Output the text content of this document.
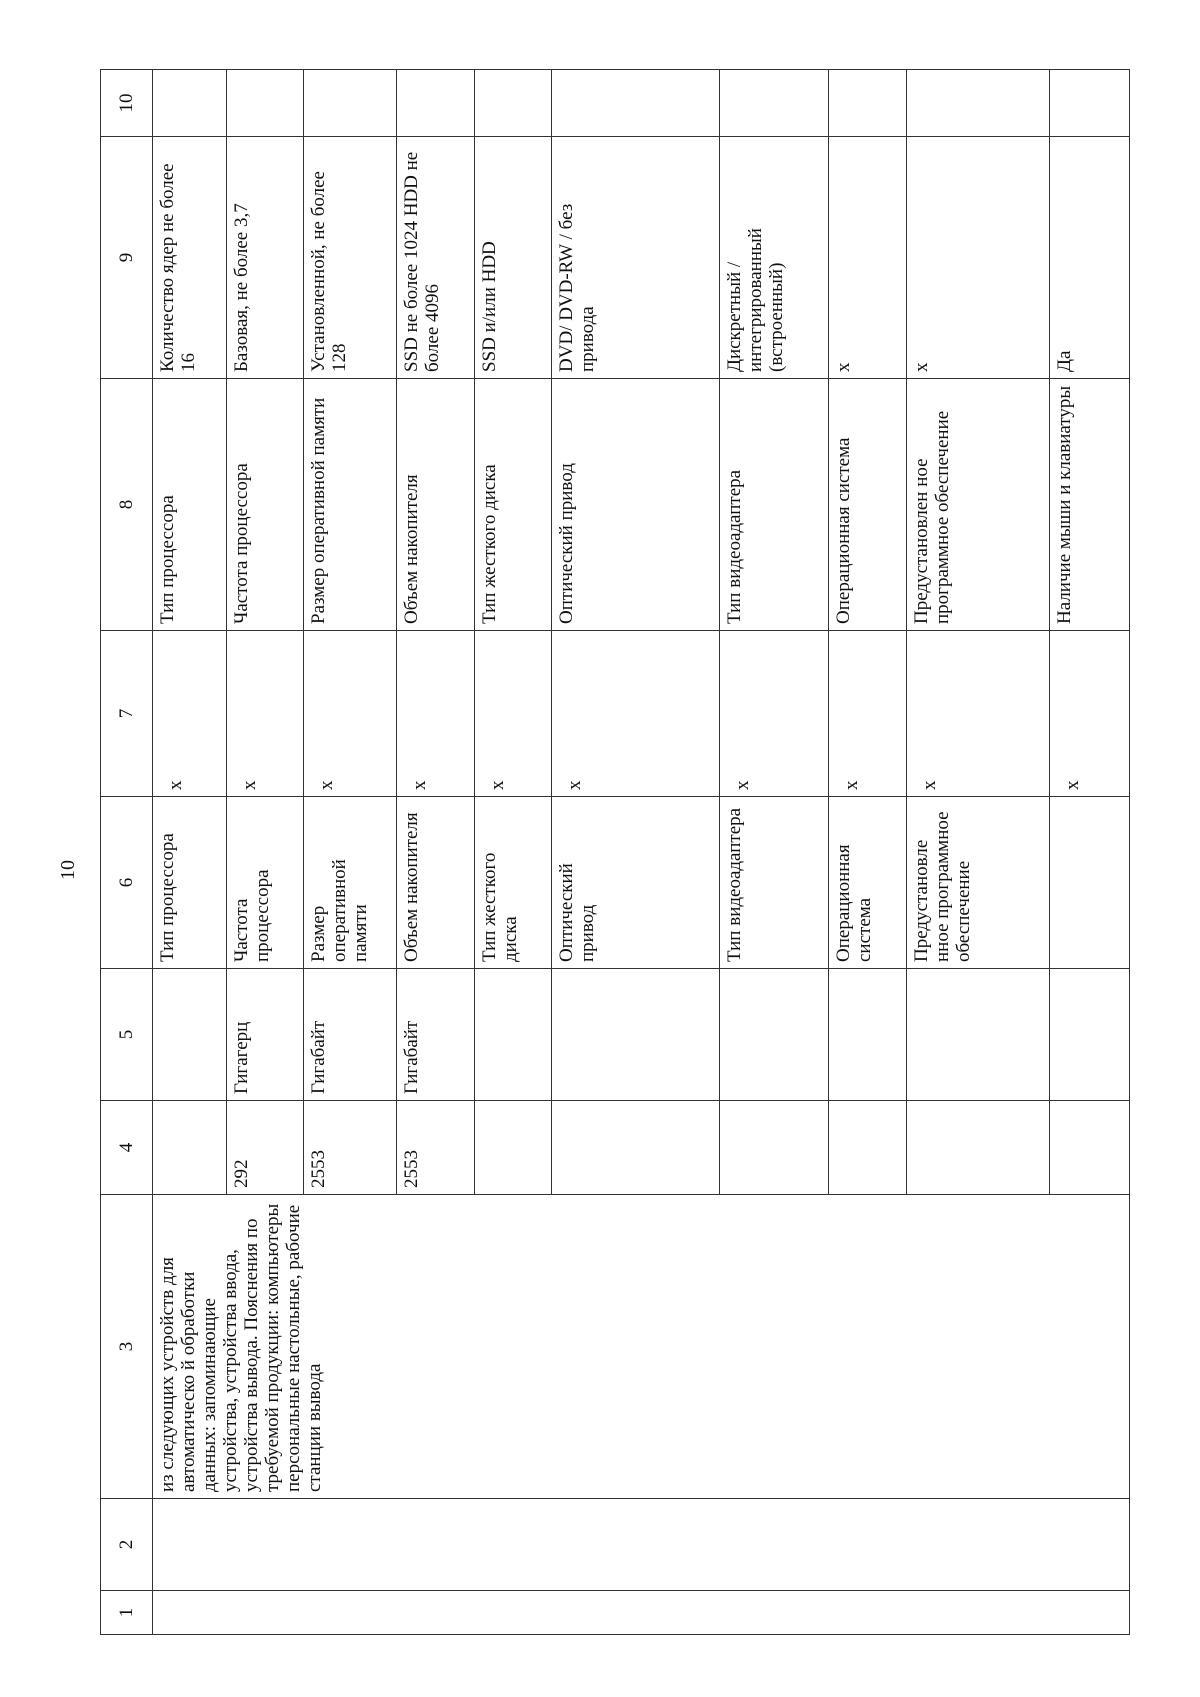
10
1	2	3	4	5	6	7	8	9	10
		из следующих устройств для автоматическо й обработки данных: запоминающие устройства, устройства ввода, устройства вывода. Пояснения по требуемой продукции: компьютеры персональные настольные, рабочие станции вывода			Тип процессора	х	Тип процессора	Количество ядер не более 16	
			292	Гигагерц	Частота процессора	х	Частота процессора	Базовая, не более 3,7	
			2553	Гигабайт	Размер оперативной памяти	х	Размер оперативной памяти	Установленной, не более 128	
			2553	Гигабайт	Объем накопителя	х	Объем накопителя	SSD не более 1024 HDD не более 4096	
					Тип жесткого диска	х	Тип жесткого диска	SSD и/или HDD	
					Оптический привод	х	Оптический привод	DVD/ DVD-RW / без привода	
					Тип видеоадаптера	х	Тип видеоадаптера	Дискретный /интегрированный (встроенный)	
					Операционная система	х	Операционная система	х	
					Предустановле нное программное обеспечение	х	Предустановлен ное программное обеспечение	х	
						х	Наличие мыши и клавиатуры	Да	
